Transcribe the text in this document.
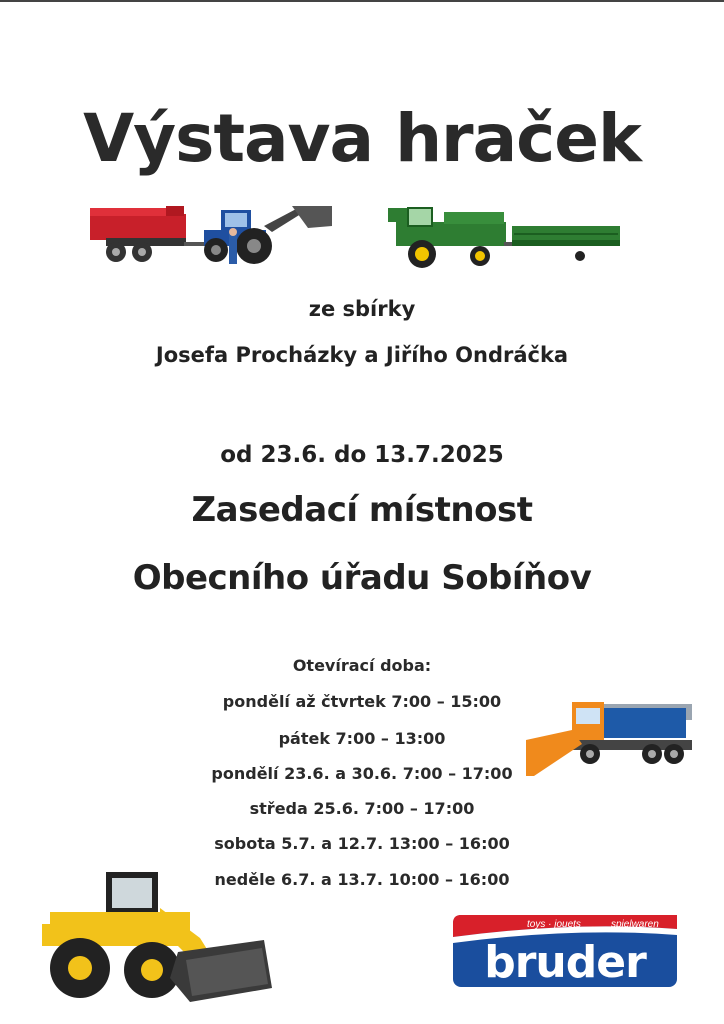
Výstava hraček
ze sbírky
Josefa Procházky a Jiřího Ondráčka
od 23.6. do 13.7.2025
Zasedací místnost
Obecního úřadu Sobíňov
Otevírací doba:
pondělí až čtvrtek 7:00 – 15:00
pátek 7:00 – 13:00
pondělí 23.6. a 30.6. 7:00 – 17:00
středa 25.6. 7:00 – 17:00
sobota 5.7. a 12.7. 13:00 – 16:00
neděle 6.7. a 13.7. 10:00 – 16:00
toys · jouets	spielwaren
bruder
